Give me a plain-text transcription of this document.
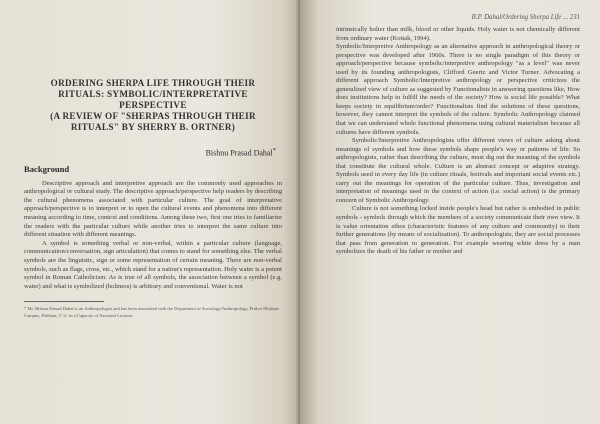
ORDERING SHERPA LIFE THROUGH THEIR
RITUALS: SYMBOLIC/INTERPRETATIVE
PERSPECTIVE
(A REVIEW OF "SHERPAS THROUGH THEIR
RITUALS" BY SHERRY B. ORTNER)
Bishnu Prasad Dahal*
Background

Descriptive approach and interpretive approach are the commonly used approaches in anthropological or cultural study. The descriptive approach/perspective help readers by describing the cultural phenomena associated with particular culture. The goal of interpretative approach/perspective is to interpret or to open the cultural events and phenomena into different meaning according to time, context and conditions. Among these two, first one tries to familiarize the readers with the particular culture while another tries to interpret the same culture into different situation with different meanings.

A symbol is something verbal or non-verbal, within a particular culture (language, communication/conversation, sign articulation) that comes to stand for something else. The verbal symbols are the linguistic, sign or some representation of certain meaning. There are non-verbal symbols, such as flags, cross, etc., which stand for a nation's representation. Holy water is a potent symbol in Roman Catholicism. As is true of all symbols, the association between a symbol (e.g. water) and what is symbolized (holiness) is arbitrary and conventional. Water is not

* Mr. Bishnu Prasad Dahal is an Anthropologist and has been associated with the Department of Sociology/Anthropology, Prithvi Multiple Campus, Pokhara, T. U. in a Capacity of Assistant Lecturer.

B.P. Dahal/Ordering Sherpa Life ... 231

intrinsically holier than milk, blood or other liquids. Holy water is not chemically different from ordinary water (Kottak, 1994).

Symbolic/Interpretive Anthropology as an alternative approach in anthropological theory or perspective was developed after 1960s. There is no single paradigm of this theory or approach/perspective because symbolic/interpretive anthropology "as a level" was never used by its founding anthropologists, Clifford Geertz and Victor Turner. Advocating a different approach Symbolic/Interpretive anthropology or perspective criticizes the generalized view of culture as suggested by Functionalists in answering questions like, How does institutions help to fulfill the needs of the society? How is social life possible? What keeps society in equilibrium/order? Functionalists find the solutions of these questions, however, they cannot interpret the symbols of the culture. Symbolic Anthropology claimed that we can understand whole functional phenomena using cultural materialism because all cultures have different symbols.

Symbolic/Interpretive Anthropologists offer different views of culture asking about meanings of symbols and how these symbols shape people's way or patterns of life. So anthropologists, rather than describing the culture, must dig out the meaning of the symbols that constitute the cultural whole. Culture is an abstract concept or adaptive strategy. Symbols used in every day life (in culture rituals, festivals and important social events etc.) carry out the meanings for operation of the particular culture. Thus, investigation and interpretation of meanings used in the context of action (i.e. social action) is the primary concern of Symbolic Anthropology.

Culture is not something locked inside people's head but rather is embodied in public symbols - symbols through which the members of a society communicate their own view. It is value orientation ethos (characteristic features of any culture and community) to their further generations (by means of socialization). To anthropologists, they are social processes that pass from generation to generation. For example wearing white dress by a man symbolizes the death of his father or mother and
